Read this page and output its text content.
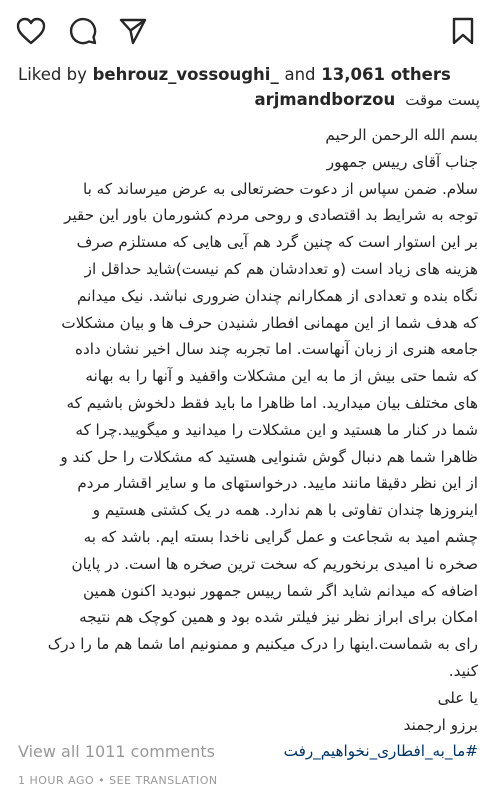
Liked by behrouz_vossoughi_ and 13,061 others
arjmandborzou پست موقت
بسم الله الرحمن الرحیم
جناب آقای رییس جمهور
سلام. ضمن سپاس از دعوت حضرتعالی به عرض میرساند که با
توجه به شرایط بد اقتصادی و روحی مردم کشورمان باور این حقیر
بر این استوار است که چنین گرد هم آیی هایی که مستلزم صرف
هزینه های زیاد است (و تعدادشان هم کم نیست)شاید حداقل از
نگاه بنده و تعدادی از همکارانم چندان ضروری نباشد. نیک میدانم
که هدف شما از این مهمانی افطار شنیدن حرف ها و بیان مشکلات
جامعه هنری از زبان آنهاست. اما تجربه چند سال اخیر نشان داده
که شما حتی بیش از ما به این مشکلات واقفید و آنها را به بهانه
های مختلف بیان میدارید. اما ظاهرا ما باید فقط دلخوش باشیم که
شما در کنار ما هستید و این مشکلات را میدانید و میگویید.چرا که
ظاهرا شما هم دنبال گوش شنوایی هستید که مشکلات را حل کند و
از این نظر دقیقا مانند ماييد. درخواستهای ما و سایر اقشار مردم
اینروزها چندان تفاوتی با هم ندارد. همه در یک کشتی هستیم و
چشم امید به شجاعت و عمل گرایی ناخدا بسته ایم. باشد که به
صخره نا امیدی برنخوریم که سخت ترین صخره ها است. در پایان
اضافه که میدانم شاید اگر شما رییس جمهور نبودید اکنون همین
امکان برای ابراز نظر نیز فیلتر شده بود و همین کوچک هم نتیجه
رای به شماست.اینها را درک میکنیم و ممنونیم اما شما هم ما را درک
کنید.
یا علی
برزو ارجمند
#ما_به_افطاری_نخواهیم_رفت
View all 1011 comments
1 HOUR AGO • SEE TRANSLATION
